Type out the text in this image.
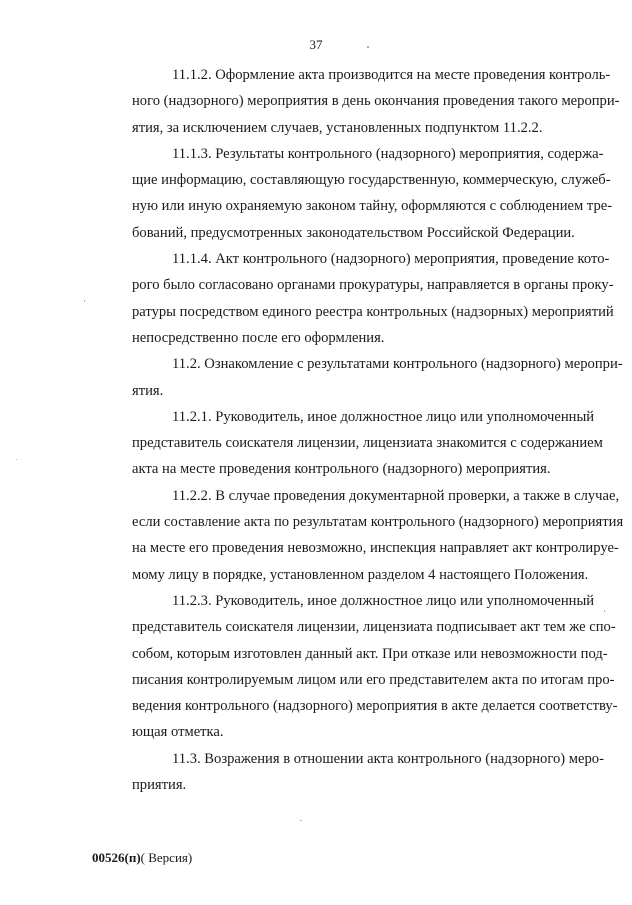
37

11.1.2. Оформление акта производится на месте проведения контроль-
ного (надзорного) мероприятия в день окончания проведения такого меропри-
ятия, за исключением случаев, установленных подпунктом 11.2.2.

11.1.3. Результаты контрольного (надзорного) мероприятия, содержа-
щие информацию, составляющую государственную, коммерческую, служеб-
ную или иную охраняемую законом тайну, оформляются с соблюдением тре-
бований, предусмотренных законодательством Российской Федерации.

11.1.4. Акт контрольного (надзорного) мероприятия, проведение кото-
рого было согласовано органами прокуратуры, направляется в органы проку-
ратуры посредством единого реестра контрольных (надзорных) мероприятий
непосредственно после его оформления.

11.2. Ознакомление с результатами контрольного (надзорного) меропри-
ятия.

11.2.1. Руководитель, иное должностное лицо или уполномоченный
представитель соискателя лицензии, лицензиата знакомится с содержанием
акта на месте проведения контрольного (надзорного) мероприятия.

11.2.2. В случае проведения документарной проверки, а также в случае,
если составление акта по результатам контрольного (надзорного) мероприятия
на месте его проведения невозможно, инспекция направляет акт контролируе-
мому лицу в порядке, установленном разделом 4 настоящего Положения.

11.2.3. Руководитель, иное должностное лицо или уполномоченный
представитель соискателя лицензии, лицензиата подписывает акт тем же спо-
собом, которым изготовлен данный акт. При отказе или невозможности под-
писания контролируемым лицом или его представителем акта по итогам про-
ведения контрольного (надзорного) мероприятия в акте делается соответству-
ющая отметка.

11.3. Возражения в отношении акта контрольного (надзорного) меро-
приятия.

00526(п)( Версия)
